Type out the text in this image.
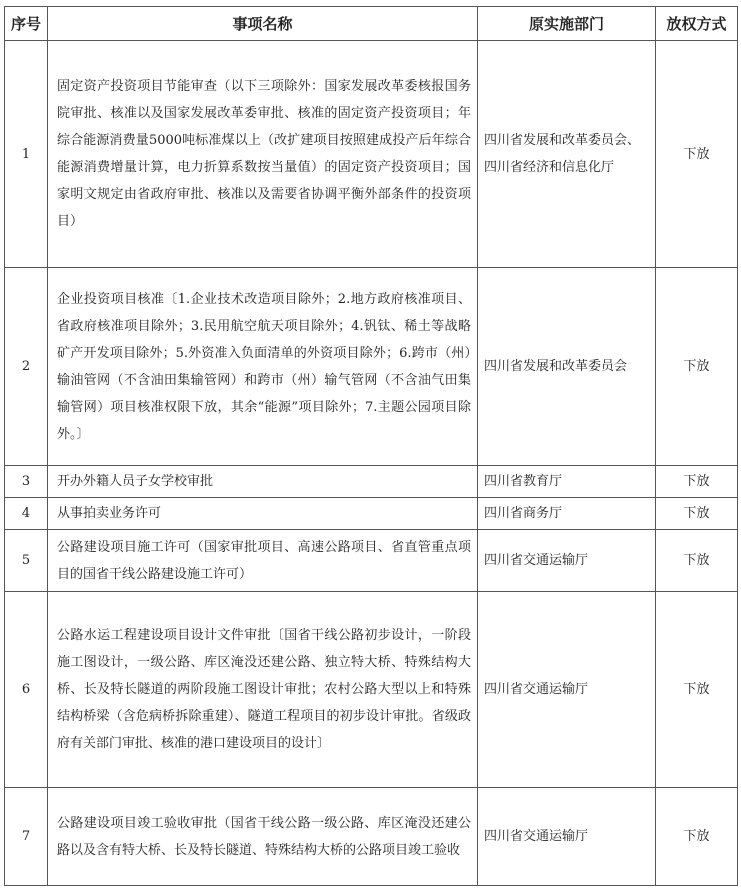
序号	事项名称	原实施部门	放权方式
1	固定资产投资项目节能审查（以下三项除外：国家发展改革委核报国务院审批、核准以及国家发展改革委审批、核准的固定资产投资项目；年综合能源消费量5000吨标准煤以上（改扩建项目按照建成投产后年综合能源消费增量计算，电力折算系数按当量值）的固定资产投资项目；国家明文规定由省政府审批、核准以及需要省协调平衡外部条件的投资项目）	四川省发展和改革委员会、四川省经济和信息化厅	下放
2	企业投资项目核准〔1.企业技术改造项目除外；2.地方政府核准项目、省政府核准项目除外；3.民用航空航天项目除外；4.钒钛、稀土等战略矿产开发项目除外；5.外资准入负面清单的外资项目除外；6.跨市（州）输油管网（不含油田集输管网）和跨市（州）输气管网（不含油气田集输管网）项目核准权限下放，其余“能源”项目除外；7.主题公园项目除外。〕	四川省发展和改革委员会	下放
3	开办外籍人员子女学校审批	四川省教育厅	下放
4	从事拍卖业务许可	四川省商务厅	下放
5	公路建设项目施工许可（国家审批项目、高速公路项目、省直管重点项目的国省干线公路建设施工许可）	四川省交通运输厅	下放
6	公路水运工程建设项目设计文件审批〔国省干线公路初步设计，一阶段施工图设计，一级公路、库区淹没还建公路、独立特大桥、特殊结构大桥、长及特长隧道的两阶段施工图设计审批；农村公路大型以上和特殊结构桥梁（含危病桥拆除重建）、隧道工程项目的初步设计审批。省级政府有关部门审批、核准的港口建设项目的设计〕	四川省交通运输厅	下放
7	公路建设项目竣工验收审批（国省干线公路一级公路、库区淹没还建公路以及含有特大桥、长及特长隧道、特殊结构大桥的公路项目竣工验收	四川省交通运输厅	下放
